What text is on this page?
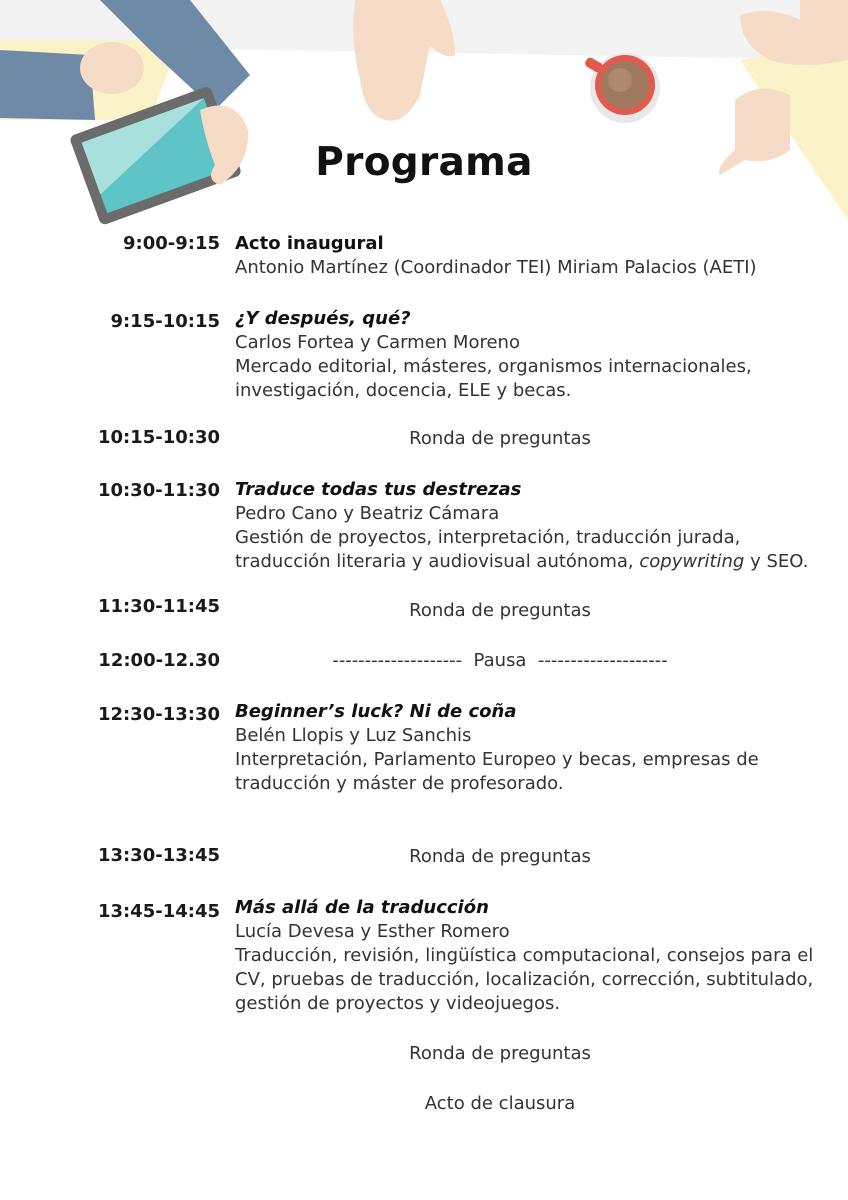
Programa
9:00-9:15 Acto inaugural
Antonio Martínez (Coordinador TEI) Miriam Palacios (AETI)
9:15-10:15 ¿Y después, qué?
Carlos Fortea y Carmen Moreno
Mercado editorial, másteres, organismos internacionales,
investigación, docencia, ELE y becas.
10:15-10:30	Ronda de preguntas
10:30-11:30 Traduce todas tus destrezas
Pedro Cano y Beatriz Cámara
Gestión de proyectos, interpretación, traducción jurada,
traducción literaria y audiovisual autónoma, copywriting y SEO.
11:30-11:45	Ronda de preguntas
12:00-12.30	--------------------  Pausa  --------------------
12:30-13:30 Beginner’s luck? Ni de coña
Belén Llopis y Luz Sanchis
Interpretación, Parlamento Europeo y becas, empresas de
traducción y máster de profesorado.
13:30-13:45	Ronda de preguntas
13:45-14:45 Más allá de la traducción
Lucía Devesa y Esther Romero
Traducción, revisión, lingüística computacional, consejos para el
CV, pruebas de traducción, localización, corrección, subtitulado,
gestión de proyectos y videojuegos.
Ronda de preguntas
Acto de clausura
